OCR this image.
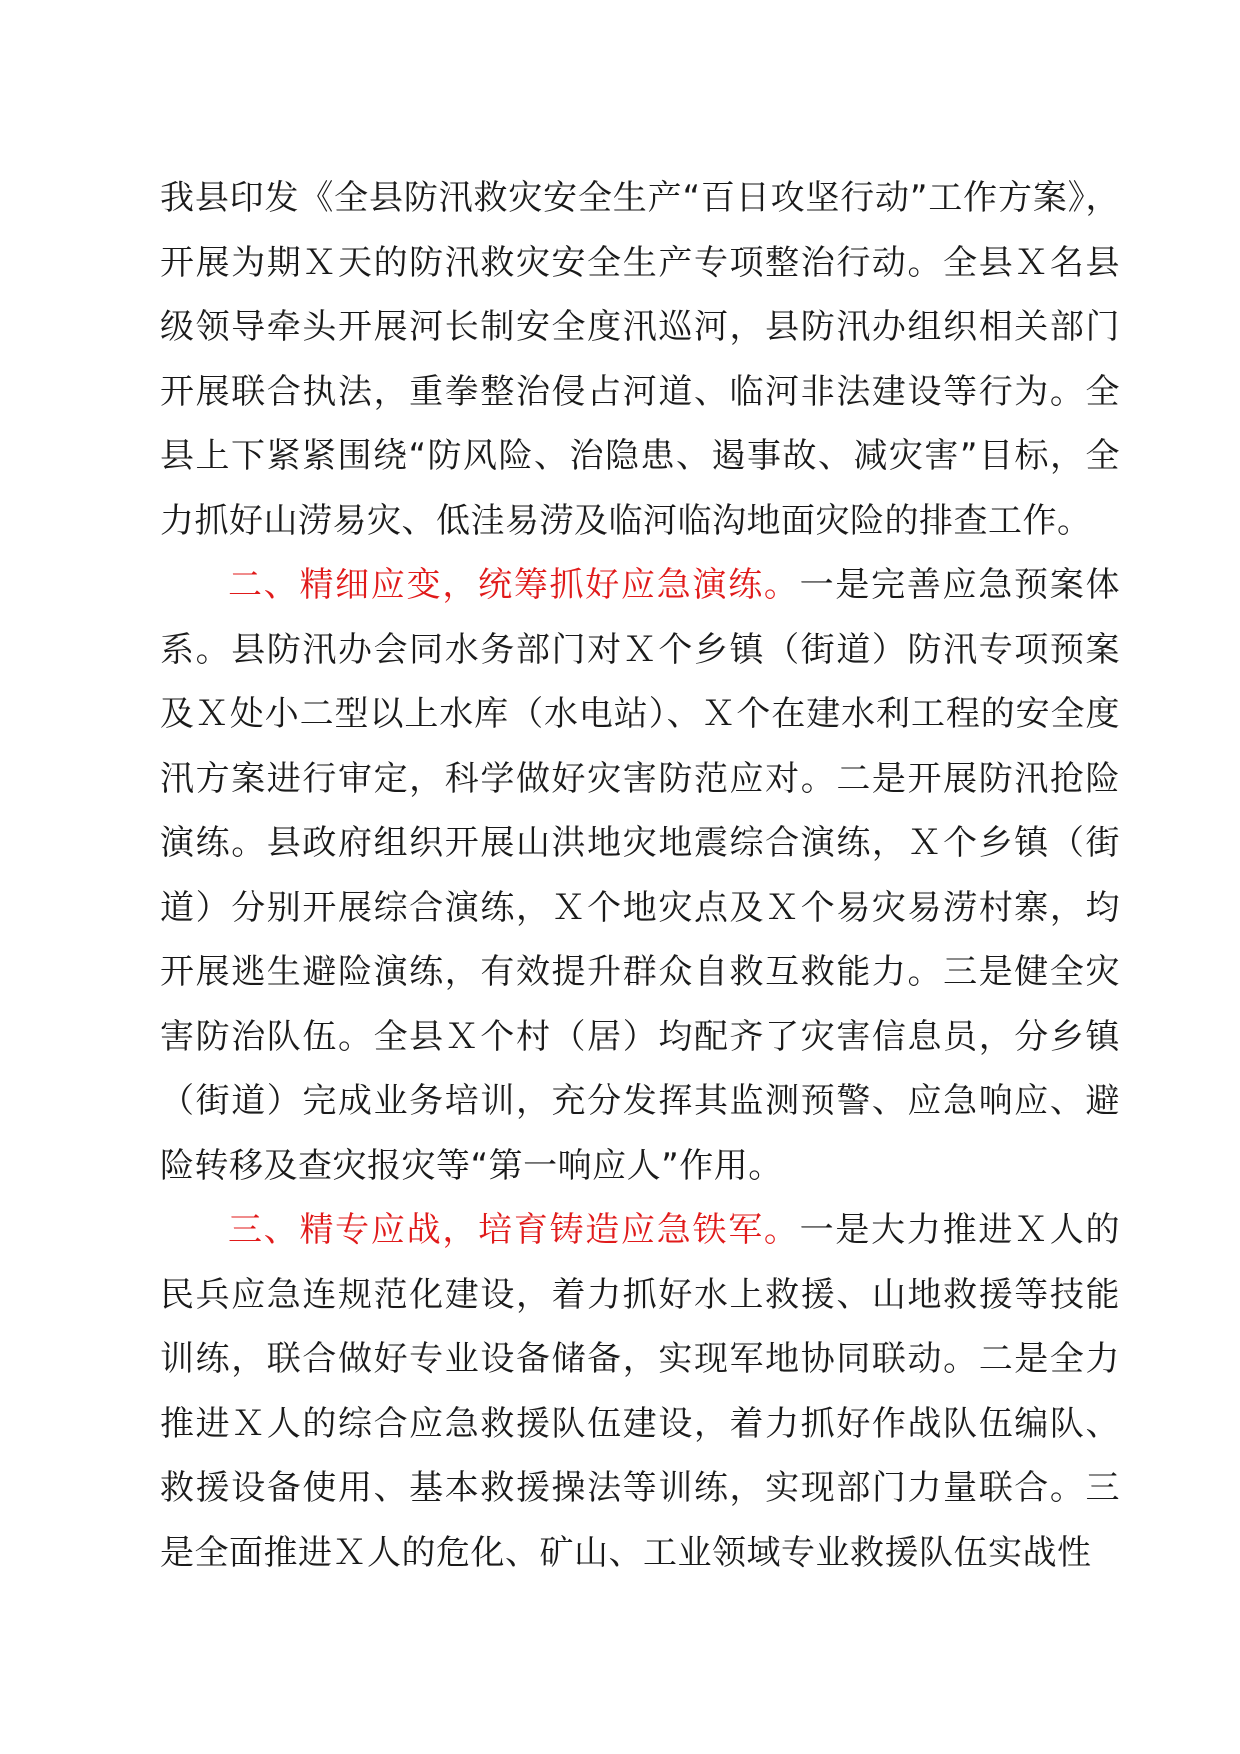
我县印发《全县防汛救灾安全生产“百日攻坚行动”工作方案》，开展为期Ｘ天的防汛救灾安全生产专项整治行动。全县Ｘ名县级领导牵头开展河长制安全度汛巡河，县防汛办组织相关部门开展联合执法，重拳整治侵占河道、临河非法建设等行为。全县上下紧紧围绕“防风险、治隐患、遏事故、减灾害”目标，全力抓好山涝易灾、低洼易涝及临河临沟地面灾险的排查工作。

二、精细应变，统筹抓好应急演练。一是完善应急预案体系。县防汛办会同水务部门对Ｘ个乡镇（街道）防汛专项预案及Ｘ处小二型以上水库（水电站）、Ｘ个在建水利工程的安全度汛方案进行审定，科学做好灾害防范应对。二是开展防汛抢险演练。县政府组织开展山洪地灾地震综合演练，Ｘ个乡镇（街道）分别开展综合演练，Ｘ个地灾点及Ｘ个易灾易涝村寨，均开展逃生避险演练，有效提升群众自救互救能力。三是健全灾害防治队伍。全县Ｘ个村（居）均配齐了灾害信息员，分乡镇（街道）完成业务培训，充分发挥其监测预警、应急响应、避险转移及查灾报灾等“第一响应人”作用。

三、精专应战，培育铸造应急铁军。一是大力推进Ｘ人的民兵应急连规范化建设，着力抓好水上救援、山地救援等技能训练，联合做好专业设备储备，实现军地协同联动。二是全力推进Ｘ人的综合应急救援队伍建设，着力抓好作战队伍编队、救援设备使用、基本救援操法等训练，实现部门力量联合。三是全面推进Ｘ人的危化、矿山、工业领域专业救援队伍实战性
